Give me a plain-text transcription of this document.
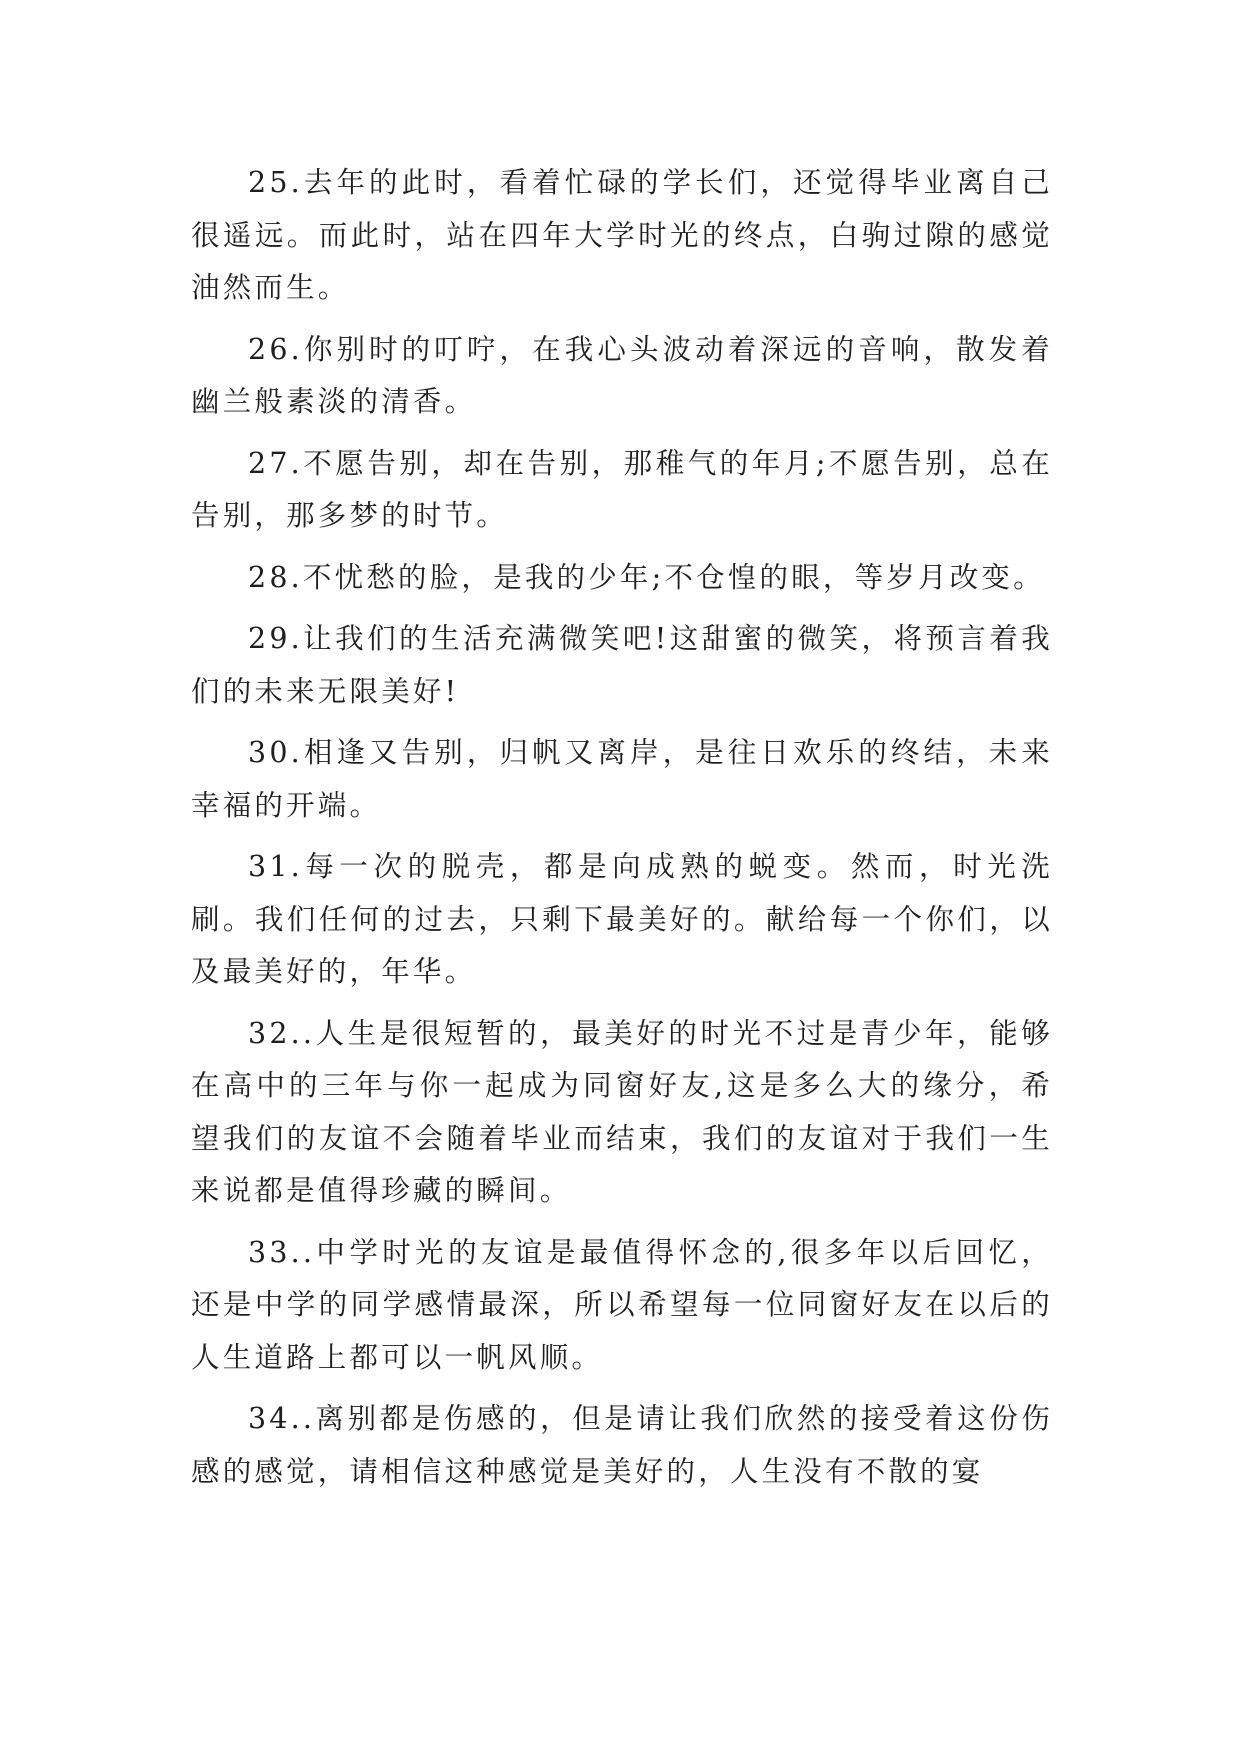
25.去年的此时，看着忙碌的学长们，还觉得毕业离自己很遥远。而此时，站在四年大学时光的终点，白驹过隙的感觉油然而生。

26.你别时的叮咛，在我心头波动着深远的音响，散发着幽兰般素淡的清香。

27.不愿告别，却在告别，那稚气的年月;不愿告别，总在告别，那多梦的时节。

28.不忧愁的脸，是我的少年;不仓惶的眼，等岁月改变。

29.让我们的生活充满微笑吧!这甜蜜的微笑，将预言着我们的未来无限美好!

30.相逢又告别，归帆又离岸，是往日欢乐的终结，未来幸福的开端。

31.每一次的脱壳，都是向成熟的蜕变。然而，时光洗刷。我们任何的过去，只剩下最美好的。献给每一个你们，以及最美好的，年华。

32..人生是很短暂的，最美好的时光不过是青少年，能够在高中的三年与你一起成为同窗好友,这是多么大的缘分，希望我们的友谊不会随着毕业而结束，我们的友谊对于我们一生来说都是值得珍藏的瞬间。

33..中学时光的友谊是最值得怀念的,很多年以后回忆，还是中学的同学感情最深，所以希望每一位同窗好友在以后的人生道路上都可以一帆风顺。

34..离别都是伤感的，但是请让我们欣然的接受着这份伤感的感觉，请相信这种感觉是美好的，人生没有不散的宴
